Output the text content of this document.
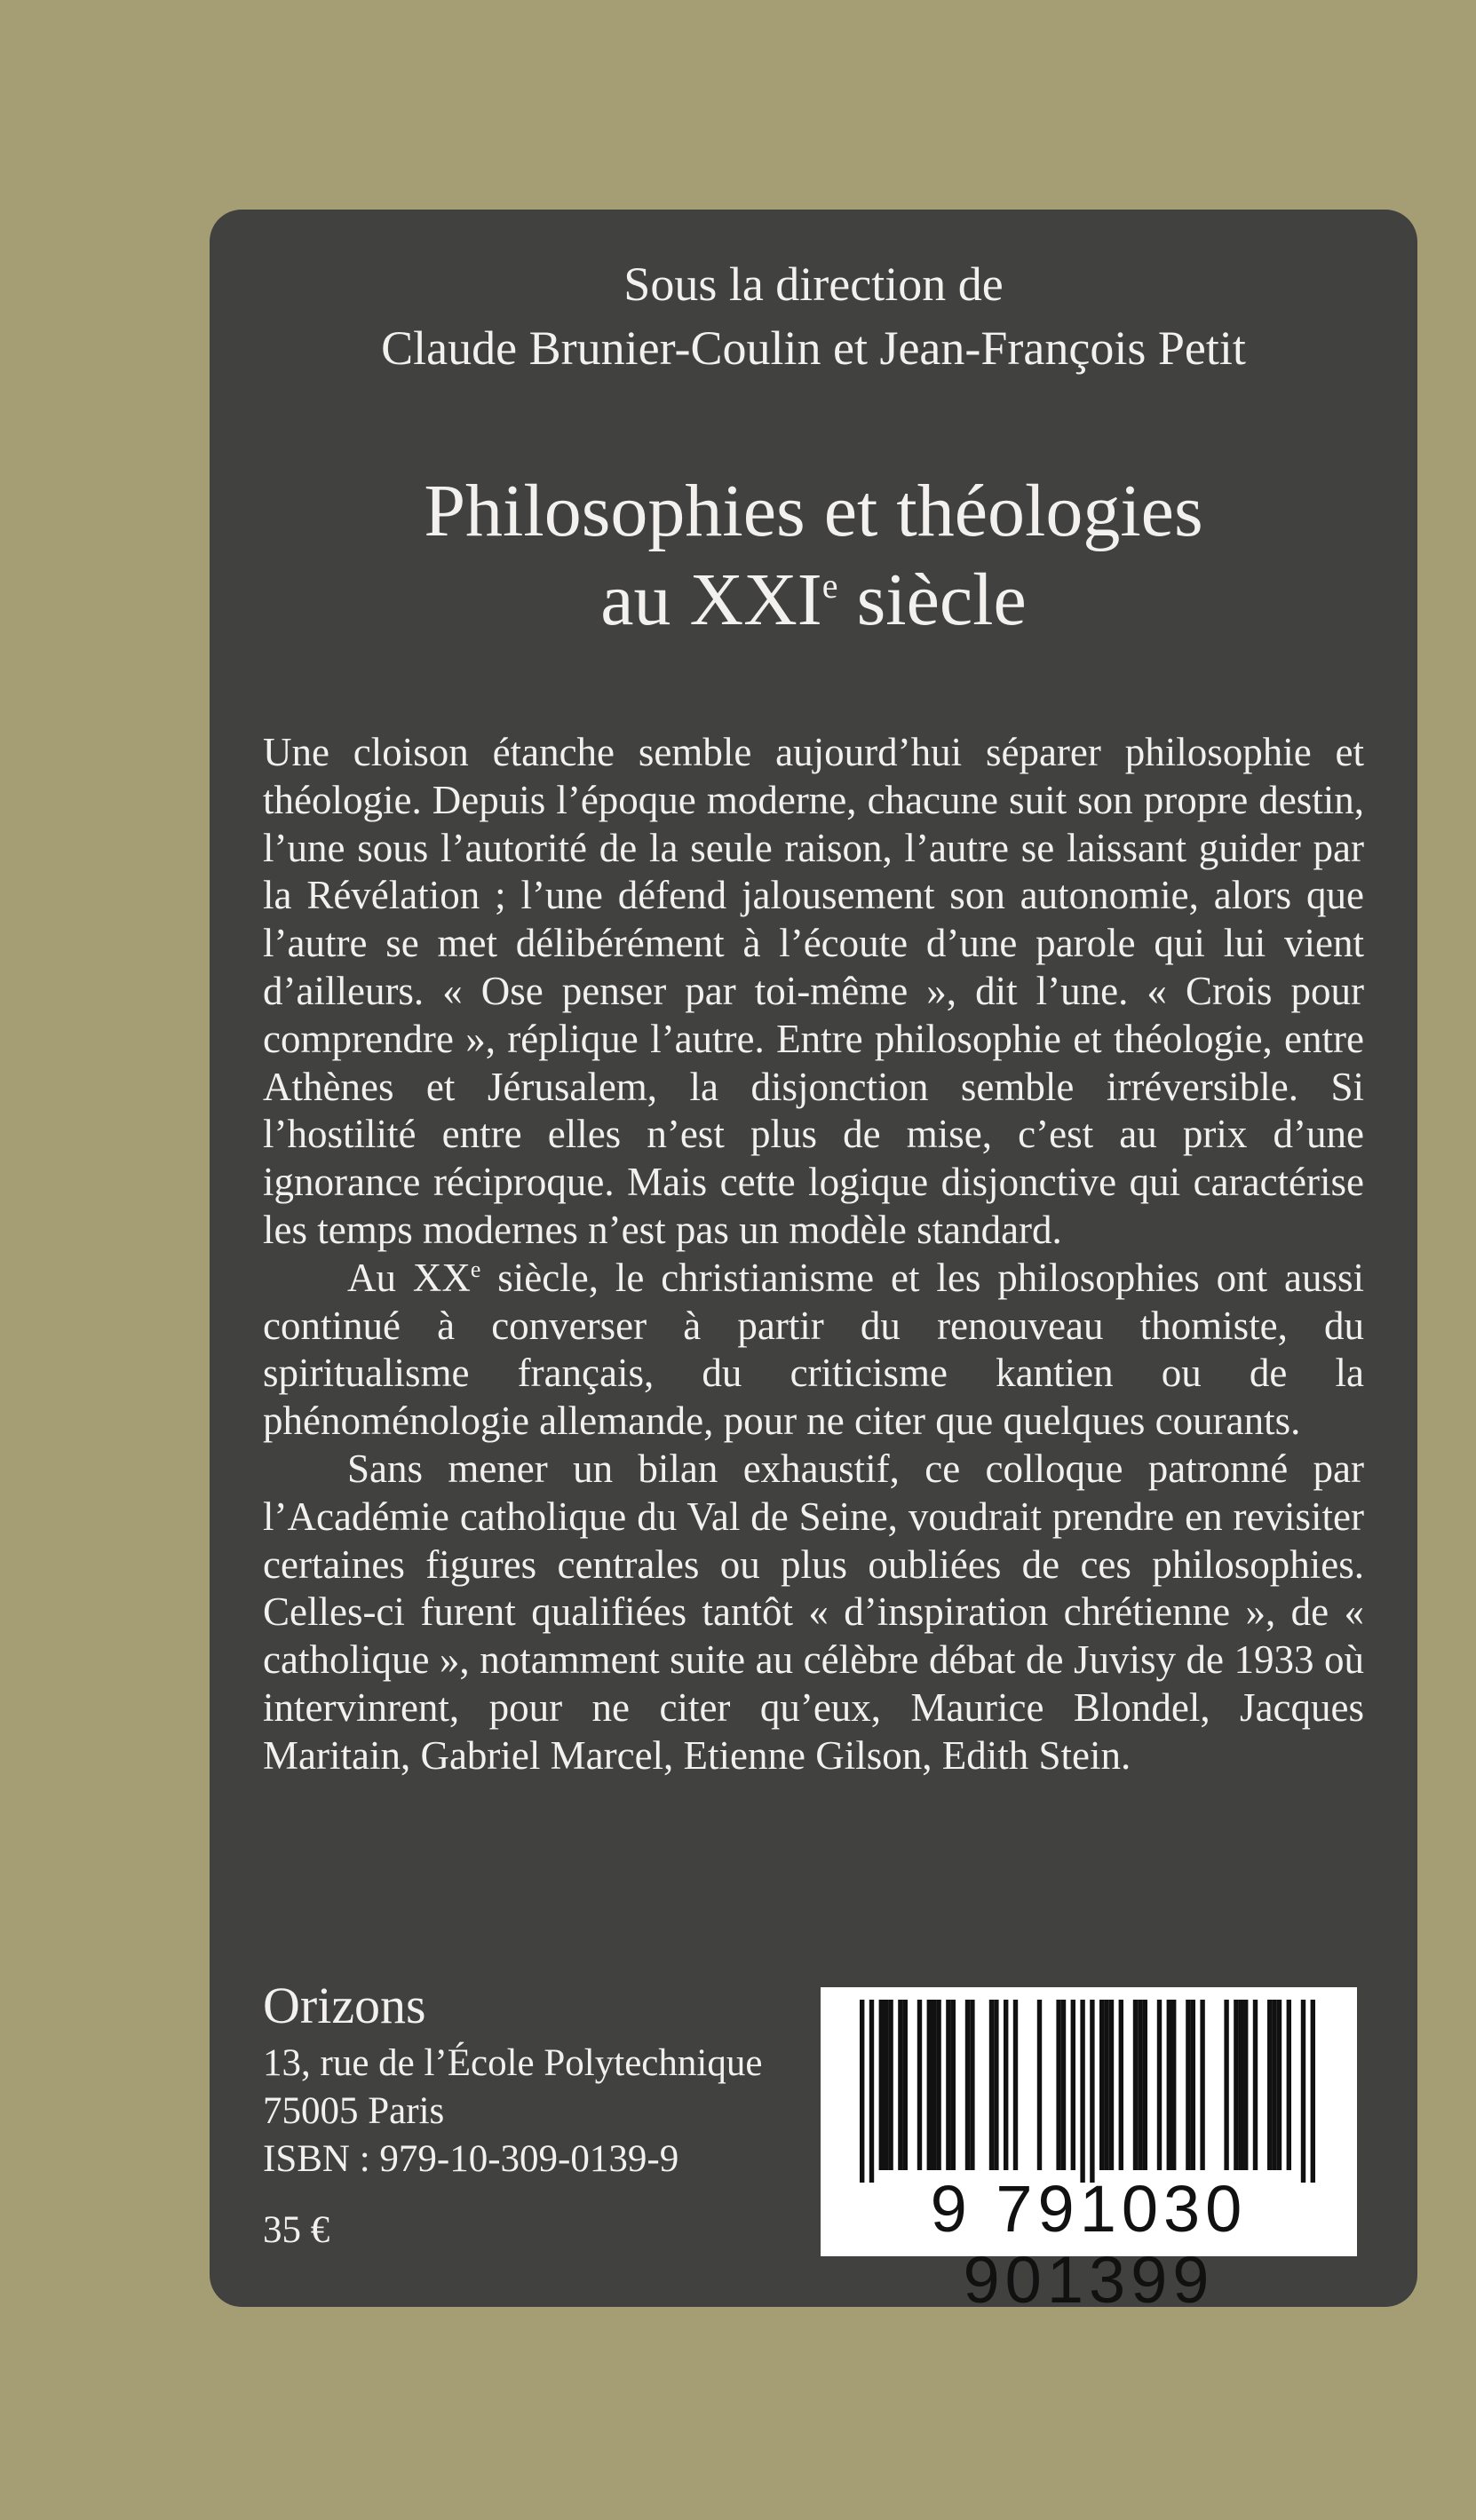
Sous la direction de
Claude Brunier-Coulin et Jean-François Petit
Philosophies et théologies
au XXIe siècle

Une cloison étanche semble aujourd’hui séparer philosophie et théologie. Depuis l’époque moderne, chacune suit son propre destin, l’une sous l’autorité de la seule raison, l’autre se laissant guider par la Révélation ; l’une défend jalousement son autonomie, alors que l’autre se met délibérément à l’écoute d’une parole qui lui vient d’ailleurs. « Ose penser par toi-même », dit l’une. « Crois pour comprendre », réplique l’autre. Entre philosophie et théologie, entre Athènes et Jérusalem, la disjonction semble irréversible. Si l’hostilité entre elles n’est plus de mise, c’est au prix d’une ignorance réciproque. Mais cette logique disjonctive qui caractérise les temps modernes n’est pas un modèle standard.

Au XXe siècle, le christianisme et les philosophies ont aussi continué à converser à partir du renouveau thomiste, du spiritualisme français, du criticisme kantien ou de la phénoménologie allemande, pour ne citer que quelques courants.

Sans mener un bilan exhaustif, ce colloque patronné par l’Académie catholique du Val de Seine, voudrait prendre en revisiter certaines figures centrales ou plus oubliées de ces philosophies. Celles-ci furent qualifiées tantôt « d’inspiration chrétienne », de « catholique », notamment suite au célèbre débat de Juvisy de 1933 où intervinrent, pour ne citer qu’eux, Maurice Blondel, Jacques Maritain, Gabriel Marcel, Etienne Gilson, Edith Stein.

Orizons
13, rue de l’École Polytechnique
75005 Paris
ISBN : 979-10-309-0139-9
35 €	9 791030 901399
